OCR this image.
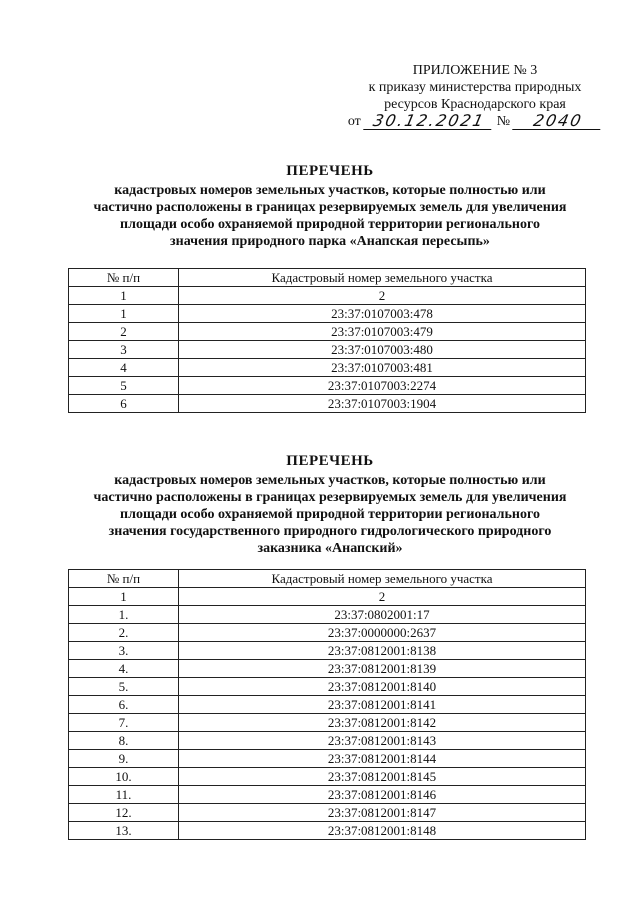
ПРИЛОЖЕНИЕ № 3
к приказу министерства природных
ресурсов Краснодарского края
от 30.12.2021 №	2040
ПЕРЕЧЕНЬ
кадастровых номеров земельных участков, которые полностью или
частично расположены в границах резервируемых земель для увеличения
площади особо охраняемой природной территории регионального
значения природного парка «Анапская пересыпь»
№ п/п	Кадастровый номер земельного участка
1	2
1	23:37:0107003:478
2	23:37:0107003:479
3	23:37:0107003:480
4	23:37:0107003:481
5	23:37:0107003:2274
6	23:37:0107003:1904
ПЕРЕЧЕНЬ
кадастровых номеров земельных участков, которые полностью или
частично расположены в границах резервируемых земель для увеличения
площади особо охраняемой природной территории регионального
значения государственного природного гидрологического природного
заказника «Анапский»
№ п/п	Кадастровый номер земельного участка
1	2
1.	23:37:0802001:17
2.	23:37:0000000:2637
3.	23:37:0812001:8138
4.	23:37:0812001:8139
5.	23:37:0812001:8140
6.	23:37:0812001:8141
7.	23:37:0812001:8142
8.	23:37:0812001:8143
9.	23:37:0812001:8144
10.	23:37:0812001:8145
11.	23:37:0812001:8146
12.	23:37:0812001:8147
13.	23:37:0812001:8148
